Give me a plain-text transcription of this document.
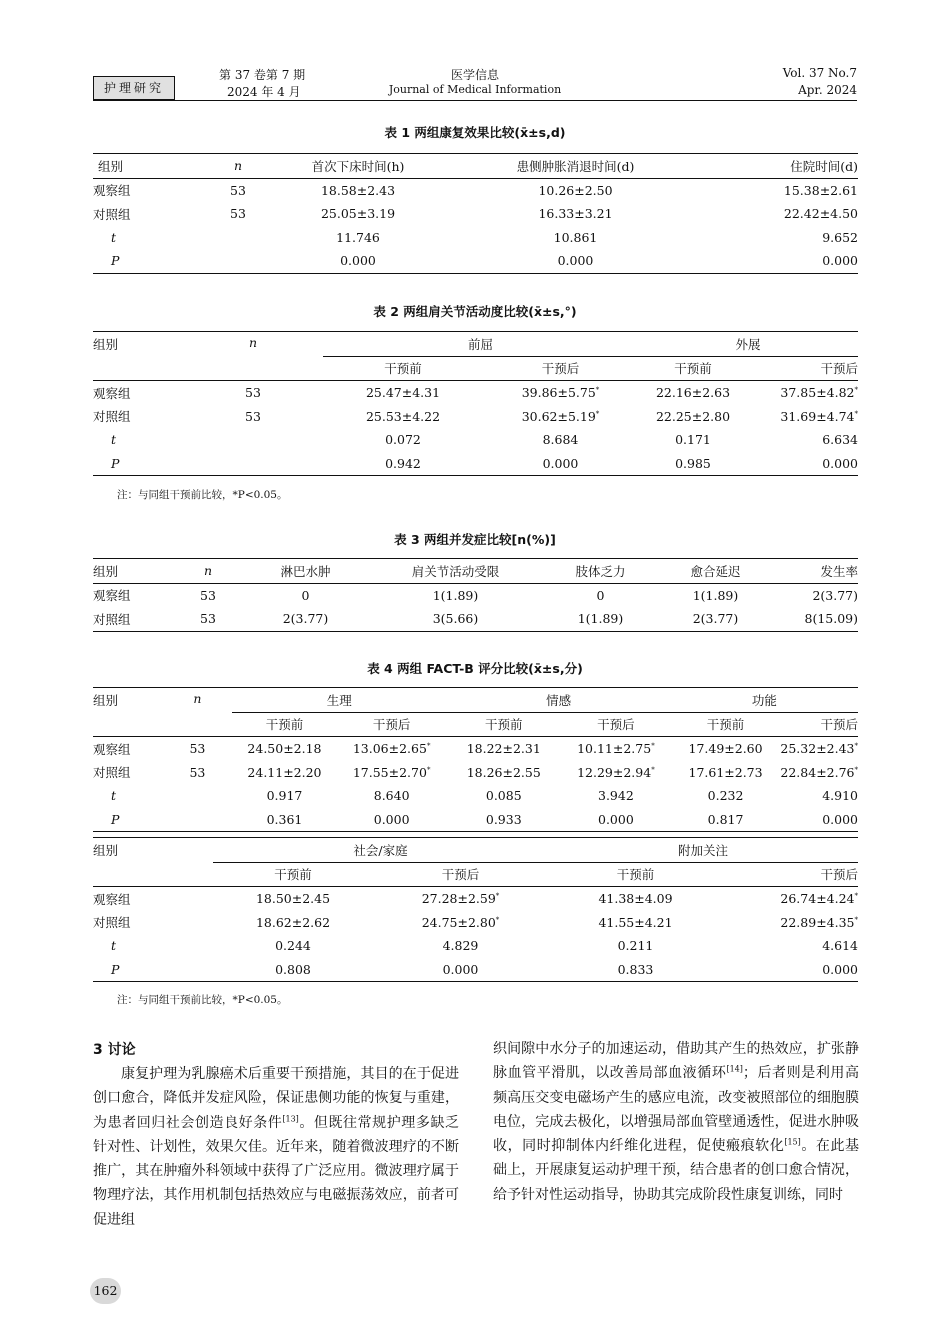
护理研究
第 37 卷第 7 期
2024 年 4 月
医学信息
Journal of Medical Information
Vol. 37 No.7
Apr. 2024
表 1 两组康复效果比较(x̄±s,d)
组别	n	首次下床时间(h)	患侧肿胀消退时间(d)	住院时间(d)
观察组	53	18.58±2.43	10.26±2.50	15.38±2.61
对照组	53	25.05±3.19	16.33±3.21	22.42±4.50
t		11.746	10.861	9.652
P		0.000	0.000	0.000
表 2 两组肩关节活动度比较(x̄±s,°)
组别	n	前屈		外展	
		干预前	干预后	干预前	干预后
观察组	53	25.47±4.31	39.86±5.75*	22.16±2.63	37.85±4.82*
对照组	53	25.53±4.22	30.62±5.19*	22.25±2.80	31.69±4.74*
t		0.072	8.684	0.171	6.634
P		0.942	0.000	0.985	0.000
注：与同组干预前比较，*P<0.05。
表 3 两组并发症比较[n(%)]
组别	n	淋巴水肿	肩关节活动受限	肢体乏力	愈合延迟	发生率
观察组	53	0	1(1.89)	0	1(1.89)	2(3.77)
对照组	53	2(3.77)	3(5.66)	1(1.89)	2(3.77)	8(15.09)
表 4 两组 FACT-B 评分比较(x̄±s,分)
组别	n	生理		情感		功能	
		干预前	干预后	干预前	干预后	干预前	干预后
观察组	53	24.50±2.18	13.06±2.65*	18.22±2.31	10.11±2.75*	17.49±2.60	25.32±2.43*
对照组	53	24.11±2.20	17.55±2.70*	18.26±2.55	12.29±2.94*	17.61±2.73	22.84±2.76*
t		0.917	8.640	0.085	3.942	0.232	4.910
P		0.361	0.000	0.933	0.000	0.817	0.000
组别	社会/家庭		附加关注	
	干预前	干预后	干预前	干预后
观察组	18.50±2.45	27.28±2.59*	41.38±4.09	26.74±4.24*
对照组	18.62±2.62	24.75±2.80*	41.55±4.21	22.89±4.35*
t	0.244	4.829	0.211	4.614
P	0.808	0.000	0.833	0.000
注：与同组干预前比较，*P<0.05。
3 讨论

康复护理为乳腺癌术后重要干预措施，其目的在于促进创口愈合，降低并发症风险，保证患侧功能的恢复与重建，为患者回归社会创造良好条件[13]。但既往常规护理多缺乏针对性、计划性，效果欠佳。近年来，随着微波理疗的不断推广，其在肿瘤外科领域中获得了广泛应用。微波理疗属于物理疗法，其作用机制包括热效应与电磁振荡效应，前者可促进组

织间隙中水分子的加速运动，借助其产生的热效应，扩张静脉血管平滑肌，以改善局部血液循环[14]；后者则是利用高频高压交变电磁场产生的感应电流，改变被照部位的细胞膜电位，完成去极化，以增强局部血管壁通透性，促进水肿吸收，同时抑制体内纤维化进程，促使瘢痕软化[15]。在此基础上，开展康复运动护理干预，结合患者的创口愈合情况，给予针对性运动指导，协助其完成阶段性康复训练，同时

162
